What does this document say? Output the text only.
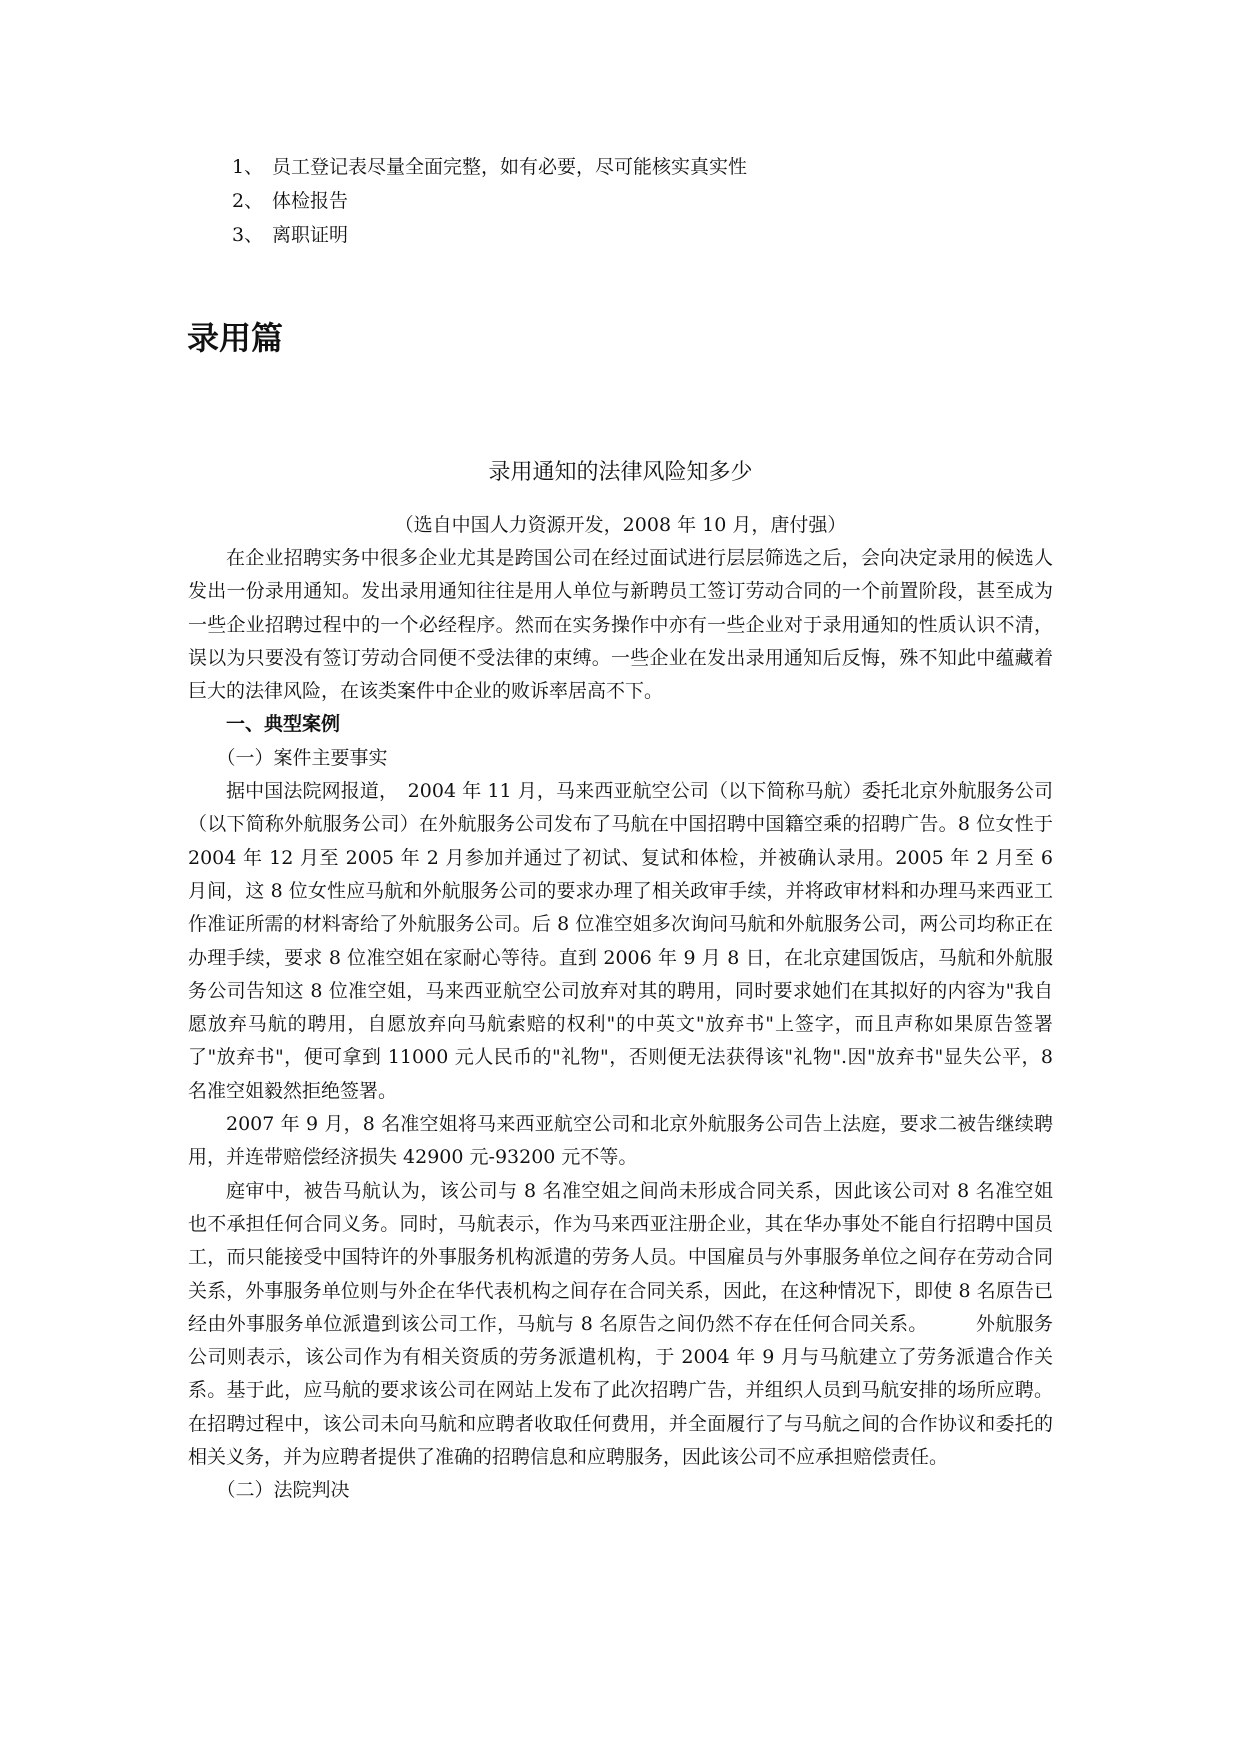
1、 员工登记表尽量全面完整，如有必要，尽可能核实真实性
2、 体检报告
3、 离职证明
录用篇
录用通知的法律风险知多少
（选自中国人力资源开发，2008 年 10 月，唐付强）

在企业招聘实务中很多企业尤其是跨国公司在经过面试进行层层筛选之后，会向决定录用的候选人发出一份录用通知。发出录用通知往往是用人单位与新聘员工签订劳动合同的一个前置阶段，甚至成为一些企业招聘过程中的一个必经程序。然而在实务操作中亦有一些企业对于录用通知的性质认识不清，误以为只要没有签订劳动合同便不受法律的束缚。一些企业在发出录用通知后反悔，殊不知此中蕴藏着巨大的法律风险，在该类案件中企业的败诉率居高不下。

一、典型案例

（一）案件主要事实

据中国法院网报道，　2004 年 11 月，马来西亚航空公司（以下简称马航）委托北京外航服务公司（以下简称外航服务公司）在外航服务公司发布了马航在中国招聘中国籍空乘的招聘广告。8 位女性于 2004 年 12 月至 2005 年 2 月参加并通过了初试、复试和体检，并被确认录用。2005 年 2 月至 6 月间，这 8 位女性应马航和外航服务公司的要求办理了相关政审手续，并将政审材料和办理马来西亚工作准证所需的材料寄给了外航服务公司。后 8 位准空姐多次询问马航和外航服务公司，两公司均称正在办理手续，要求 8 位准空姐在家耐心等待。直到 2006 年 9 月 8 日，在北京建国饭店，马航和外航服务公司告知这 8 位准空姐，马来西亚航空公司放弃对其的聘用，同时要求她们在其拟好的内容为"我自愿放弃马航的聘用，自愿放弃向马航索赔的权利"的中英文"放弃书"上签字，而且声称如果原告签署了"放弃书"，便可拿到 11000 元人民币的"礼物"，否则便无法获得该"礼物".因"放弃书"显失公平，8 名准空姐毅然拒绝签署。

2007 年 9 月，8 名准空姐将马来西亚航空公司和北京外航服务公司告上法庭，要求二被告继续聘用，并连带赔偿经济损失 42900 元-93200 元不等。

庭审中，被告马航认为，该公司与 8 名准空姐之间尚未形成合同关系，因此该公司对 8 名准空姐也不承担任何合同义务。同时，马航表示，作为马来西亚注册企业，其在华办事处不能自行招聘中国员工，而只能接受中国特许的外事服务机构派遣的劳务人员。中国雇员与外事服务单位之间存在劳动合同关系，外事服务单位则与外企在华代表机构之间存在合同关系，因此，在这种情况下，即使 8 名原告已经由外事服务单位派遣到该公司工作，马航与 8 名原告之间仍然不存在任何合同关系。　　　外航服务公司则表示，该公司作为有相关资质的劳务派遣机构，于 2004 年 9 月与马航建立了劳务派遣合作关系。基于此，应马航的要求该公司在网站上发布了此次招聘广告，并组织人员到马航安排的场所应聘。在招聘过程中，该公司未向马航和应聘者收取任何费用，并全面履行了与马航之间的合作协议和委托的相关义务，并为应聘者提供了准确的招聘信息和应聘服务，因此该公司不应承担赔偿责任。

（二）法院判决
